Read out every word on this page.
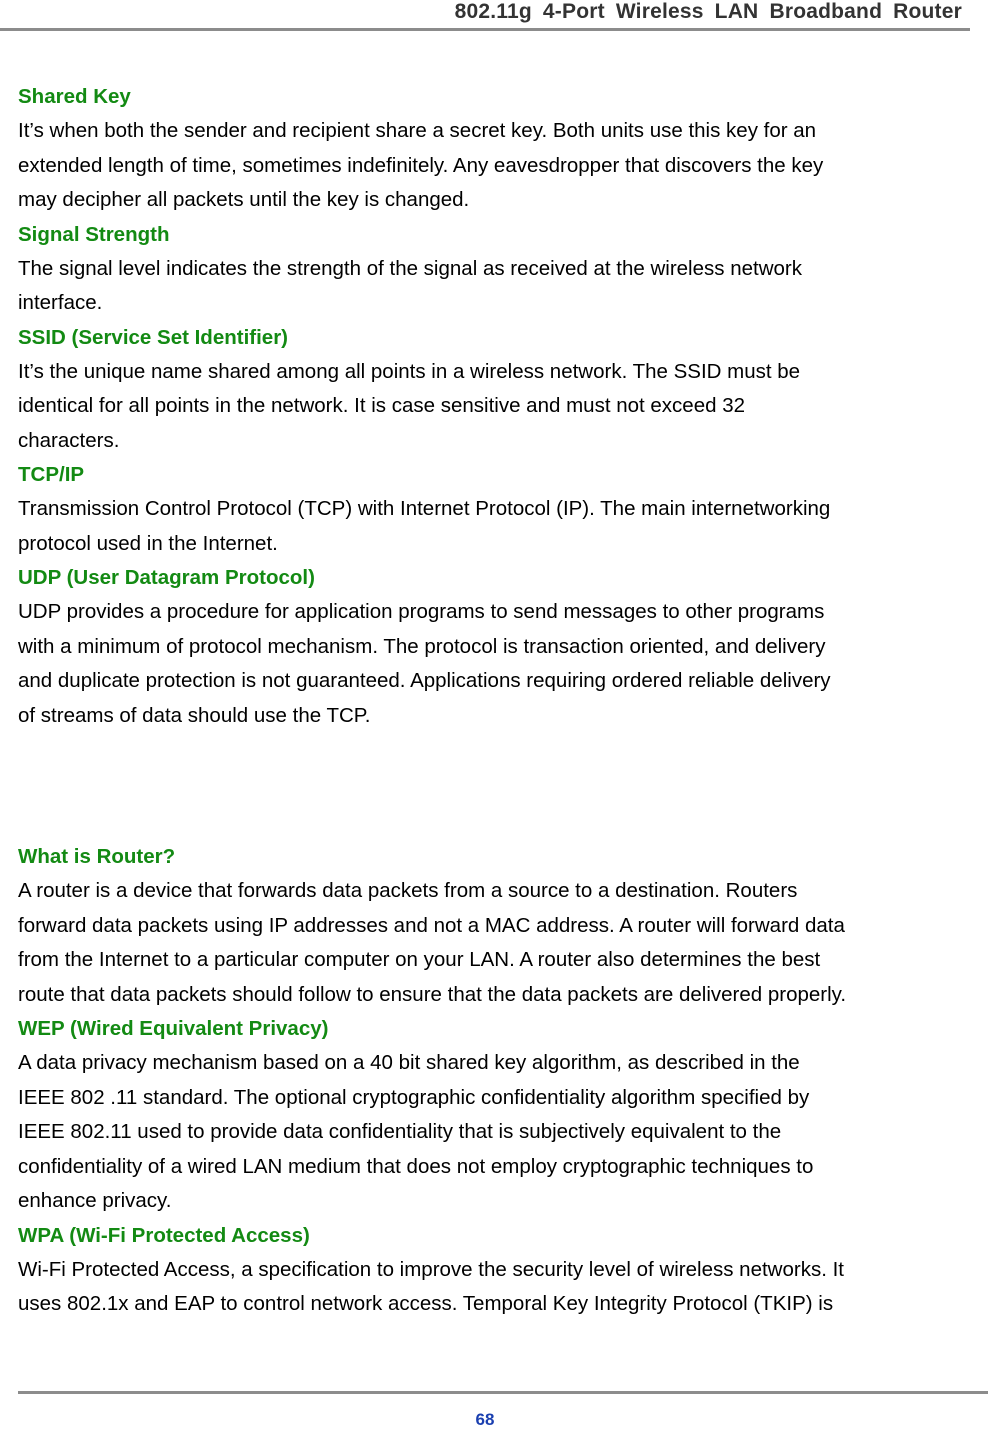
802.11g 4-Port Wireless LAN Broadband Router

Shared Key

It’s when both the sender and recipient share a secret key. Both units use this key for an
extended length of time, sometimes indefinitely. Any eavesdropper that discovers the key
may decipher all packets until the key is changed.

Signal Strength

The signal level indicates the strength of the signal as received at the wireless network
interface.

SSID (Service Set Identifier)

It’s the unique name shared among all points in a wireless network. The SSID must be
identical for all points in the network. It is case sensitive and must not exceed 32
characters.

TCP/IP

Transmission Control Protocol (TCP) with Internet Protocol (IP). The main internetworking
protocol used in the Internet.

UDP (User Datagram Protocol)

UDP provides a procedure for application programs to send messages to other programs
with a minimum of protocol mechanism. The protocol is transaction oriented, and delivery
and duplicate protection is not guaranteed. Applications requiring ordered reliable delivery
of streams of data should use the TCP.

What is Router?

A router is a device that forwards data packets from a source to a destination. Routers
forward data packets using IP addresses and not a MAC address. A router will forward data
from the Internet to a particular computer on your LAN. A router also determines the best
route that data packets should follow to ensure that the data packets are delivered properly.

WEP (Wired Equivalent Privacy)

A data privacy mechanism based on a 40 bit shared key algorithm, as described in the
IEEE 802 .11 standard. The optional cryptographic confidentiality algorithm specified by
IEEE 802.11 used to provide data confidentiality that is subjectively equivalent to the
confidentiality of a wired LAN medium that does not employ cryptographic techniques to
enhance privacy.

WPA (Wi-Fi Protected Access)

Wi-Fi Protected Access, a specification to improve the security level of wireless networks. It
uses 802.1x and EAP to control network access. Temporal Key Integrity Protocol (TKIP) is
68
